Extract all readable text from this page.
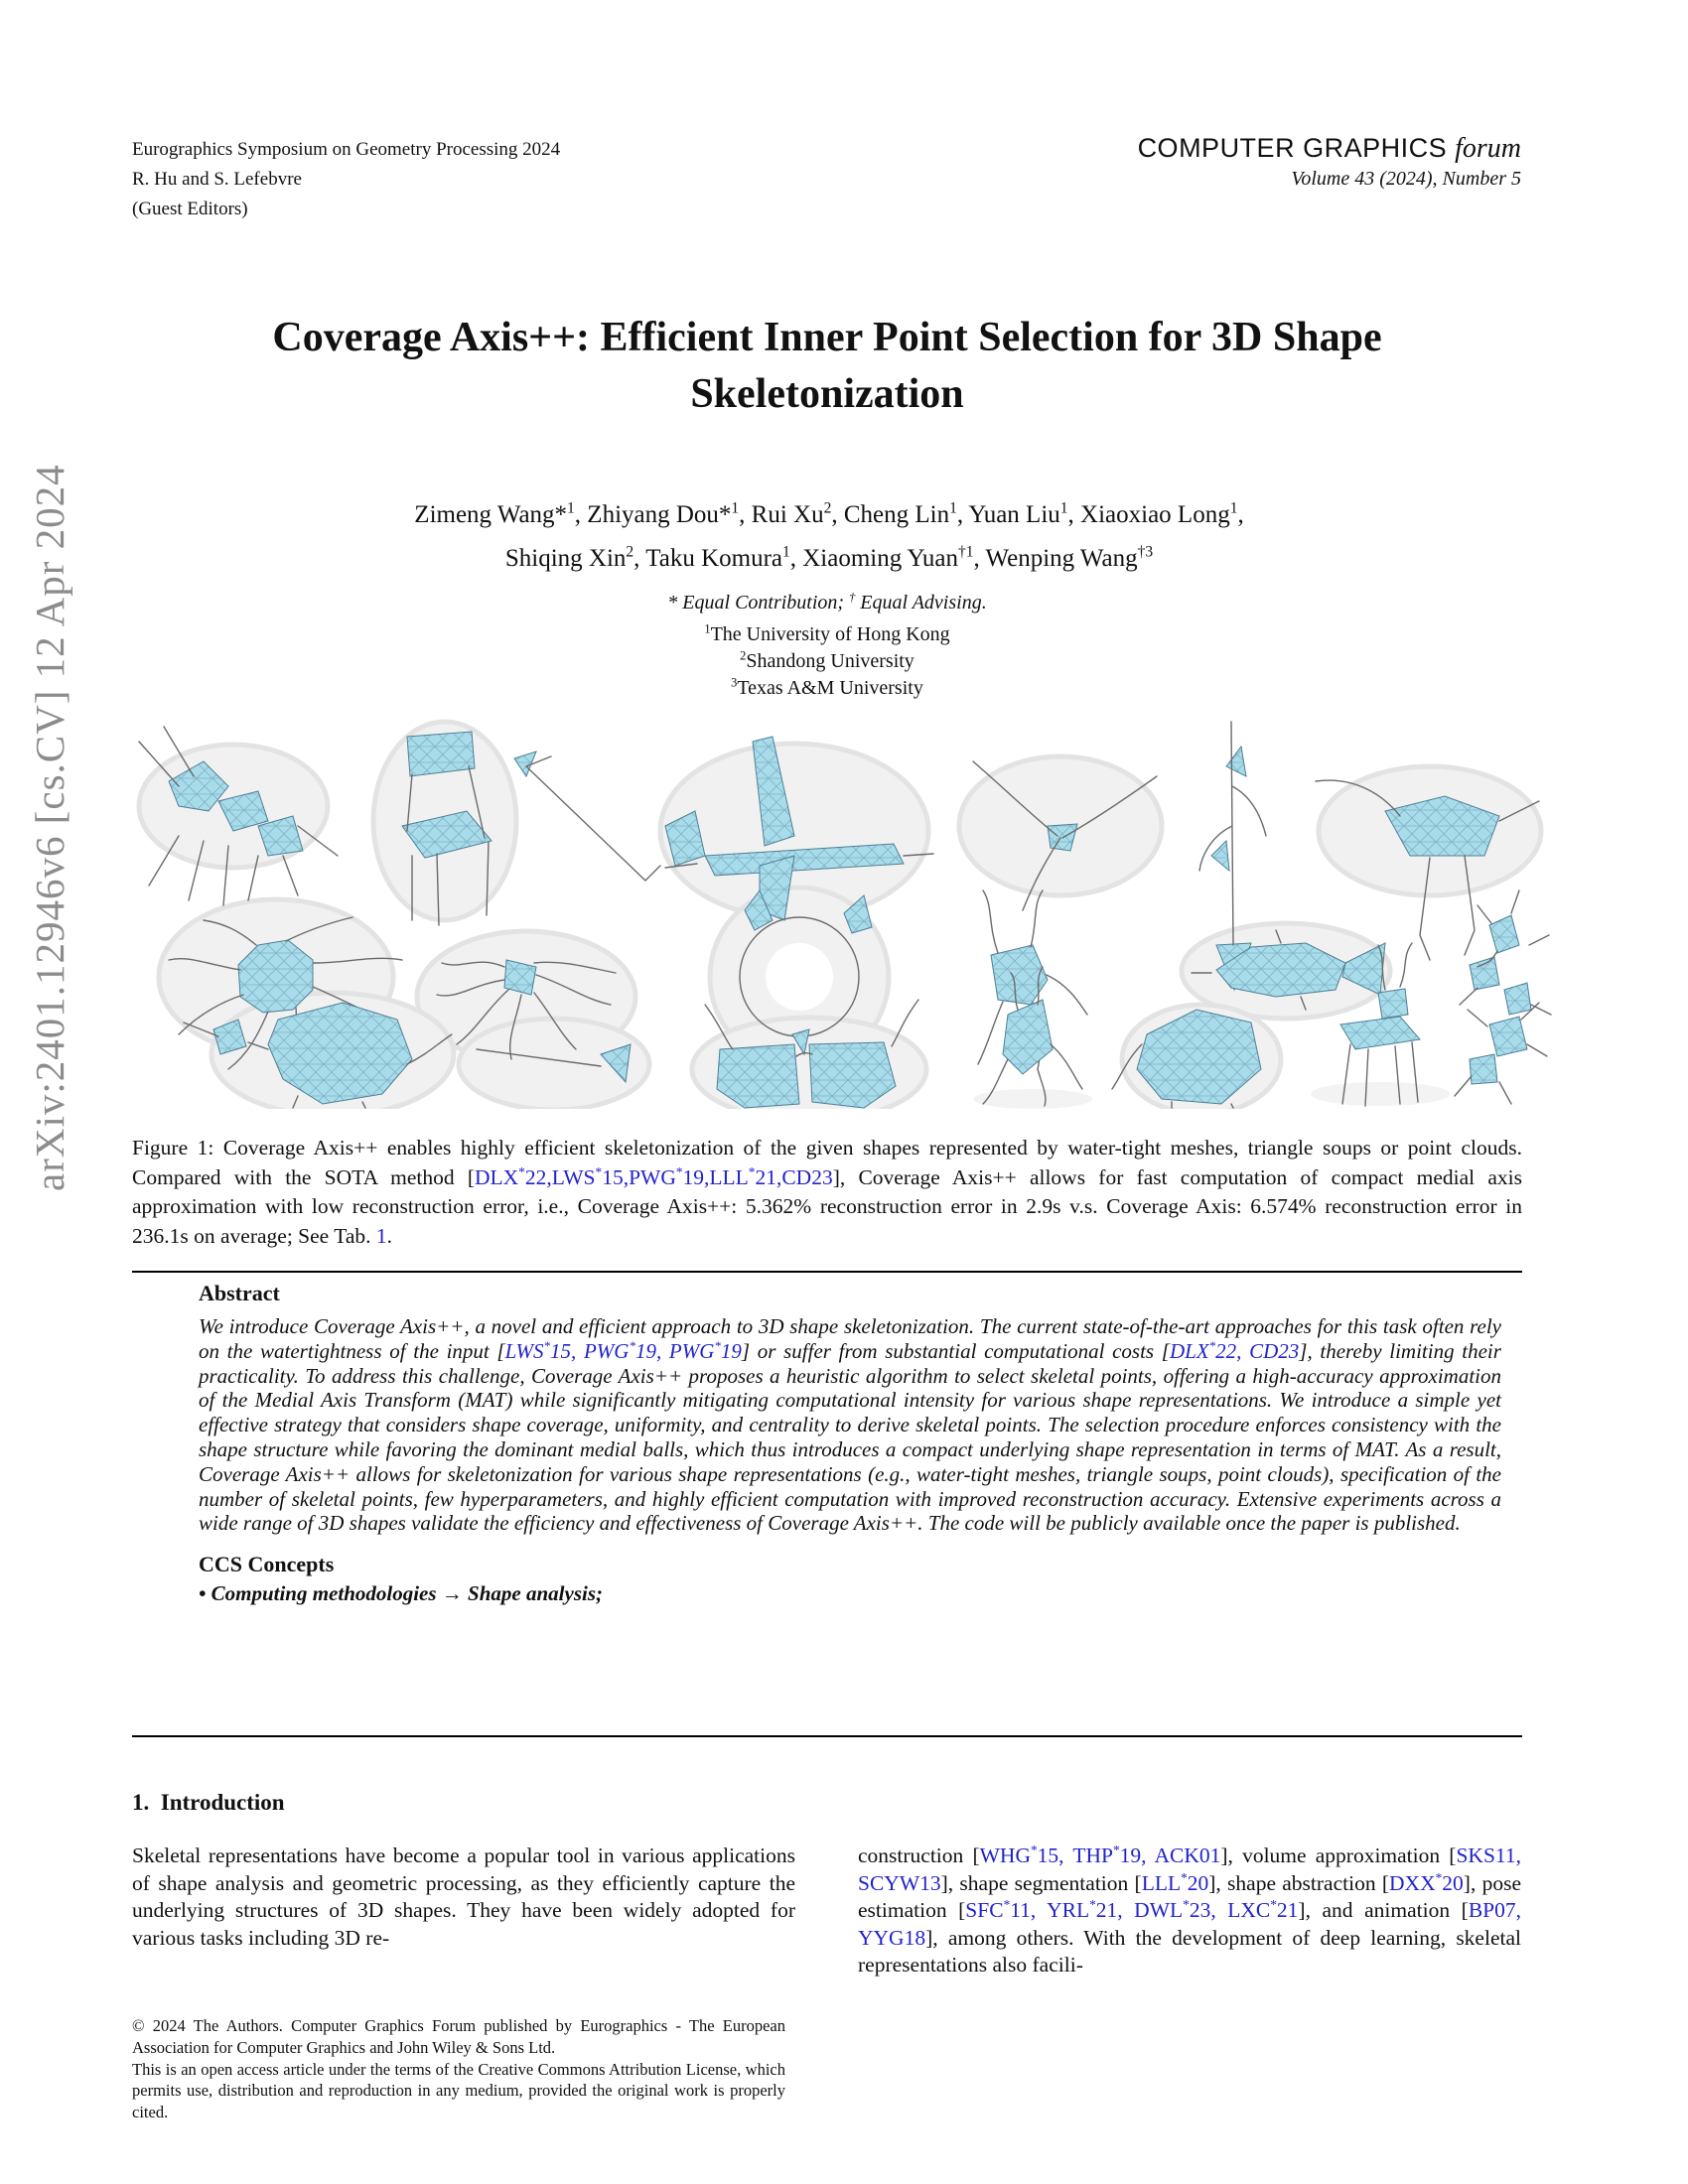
arXiv:2401.12946v6 [cs.CV] 12 Apr 2024
Eurographics Symposium on Geometry Processing 2024
R. Hu and S. Lefebvre
(Guest Editors)
COMPUTER GRAPHICS forum
Volume 43 (2024), Number 5
Coverage Axis++: Efficient Inner Point Selection for 3D Shape Skeletonization
Zimeng Wang*$^1$, Zhiyang Dou*$^1$, Rui Xu$^2$, Cheng Lin$^1$, Yuan Liu$^1$, Xiaoxiao Long$^1$,
Shiqing Xin$^2$, Taku Komura$^1$, Xiaoming Yuan$^{\dagger 1}$, Wenping Wang$^{\dagger 3}$
* Equal Contribution; † Equal Advising.
$^1$The University of Hong Kong
$^2$Shandong University
$^3$Texas A&M University
Figure 1: Coverage Axis++ enables highly efficient skeletonization of the given shapes represented by water-tight meshes, triangle soups or point clouds. Compared with the SOTA method [DLX*22,LWS*15,PWG*19,LLL*21,CD23], Coverage Axis++ allows for fast computation of compact medial axis approximation with low reconstruction error, i.e., Coverage Axis++: 5.362% reconstruction error in 2.9s v.s. Coverage Axis: 6.574% reconstruction error in 236.1s on average; See Tab. 1.
Abstract
We introduce Coverage Axis++, a novel and efficient approach to 3D shape skeletonization. The current state-of-the-art approaches for this task often rely on the watertightness of the input [LWS*15, PWG*19, PWG*19] or suffer from substantial computational costs [DLX*22, CD23], thereby limiting their practicality. To address this challenge, Coverage Axis++ proposes a heuristic algorithm to select skeletal points, offering a high-accuracy approximation of the Medial Axis Transform (MAT) while significantly mitigating computational intensity for various shape representations. We introduce a simple yet effective strategy that considers shape coverage, uniformity, and centrality to derive skeletal points. The selection procedure enforces consistency with the shape structure while favoring the dominant medial balls, which thus introduces a compact underlying shape representation in terms of MAT. As a result, Coverage Axis++ allows for skeletonization for various shape representations (e.g., water-tight meshes, triangle soups, point clouds), specification of the number of skeletal points, few hyperparameters, and highly efficient computation with improved reconstruction accuracy. Extensive experiments across a wide range of 3D shapes validate the efficiency and effectiveness of Coverage Axis++. The code will be publicly available once the paper is published.
CCS Concepts
• Computing methodologies → Shape analysis;
1. Introduction
Skeletal representations have become a popular tool in various applications of shape analysis and geometric processing, as they efficiently capture the underlying structures of 3D shapes. They have been widely adopted for various tasks including 3D re-
construction [WHG*15, THP*19, ACK01], volume approximation [SKS11, SCYW13], shape segmentation [LLL*20], shape abstraction [DXX*20], pose estimation [SFC*11, YRL*21, DWL*23, LXC*21], and animation [BP07, YYG18], among others. With the development of deep learning, skeletal representations also facili-

© 2024 The Authors. Computer Graphics Forum published by Eurographics - The European Association for Computer Graphics and John Wiley & Sons Ltd.

This is an open access article under the terms of the Creative Commons Attribution License, which permits use, distribution and reproduction in any medium, provided the original work is properly cited.
